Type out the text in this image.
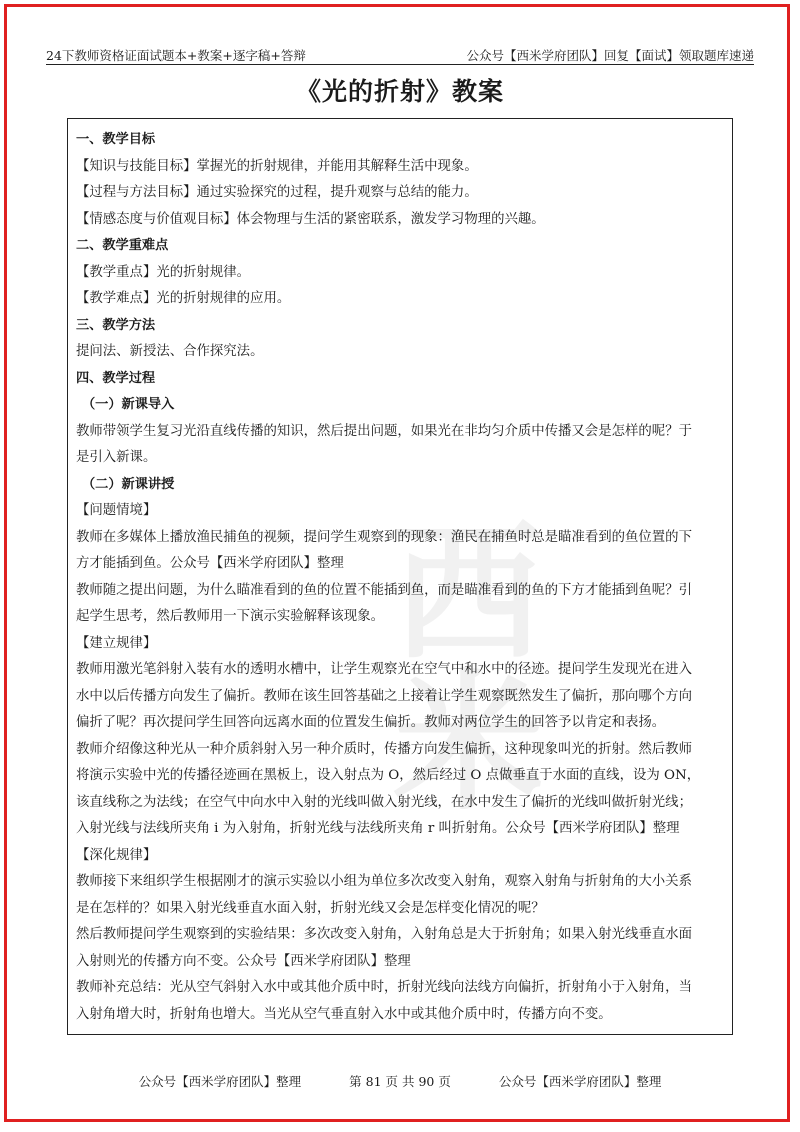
24下教师资格证面试题本+教案+逐字稿+答辩	公众号【西米学府团队】回复【面试】领取题库速递
《光的折射》教案
西米
一、教学目标
【知识与技能目标】掌握光的折射规律，并能用其解释生活中现象。
【过程与方法目标】通过实验探究的过程，提升观察与总结的能力。
【情感态度与价值观目标】体会物理与生活的紧密联系，激发学习物理的兴趣。
二、教学重难点
【教学重点】光的折射规律。
【教学难点】光的折射规律的应用。
三、教学方法
提问法、新授法、合作探究法。
四、教学过程
（一）新课导入
教师带领学生复习光沿直线传播的知识，然后提出问题，如果光在非均匀介质中传播又会是怎样的呢？于
是引入新课。
（二）新课讲授
【问题情境】
教师在多媒体上播放渔民捕鱼的视频，提问学生观察到的现象：渔民在捕鱼时总是瞄准看到的鱼位置的下
方才能插到鱼。公众号【西米学府团队】整理
教师随之提出问题，为什么瞄准看到的鱼的位置不能插到鱼，而是瞄准看到的鱼的下方才能插到鱼呢？引
起学生思考，然后教师用一下演示实验解释该现象。
【建立规律】
教师用激光笔斜射入装有水的透明水槽中，让学生观察光在空气中和水中的径迹。提问学生发现光在进入
水中以后传播方向发生了偏折。教师在该生回答基础之上接着让学生观察既然发生了偏折，那向哪个方向
偏折了呢？再次提问学生回答向远离水面的位置发生偏折。教师对两位学生的回答予以肯定和表扬。
教师介绍像这种光从一种介质斜射入另一种介质时，传播方向发生偏折，这种现象叫光的折射。然后教师
将演示实验中光的传播径迹画在黑板上，设入射点为 O，然后经过 O 点做垂直于水面的直线，设为 ON，
该直线称之为法线；在空气中向水中入射的光线叫做入射光线，在水中发生了偏折的光线叫做折射光线；
入射光线与法线所夹角 i 为入射角，折射光线与法线所夹角 r 叫折射角。公众号【西米学府团队】整理
【深化规律】
教师接下来组织学生根据刚才的演示实验以小组为单位多次改变入射角，观察入射角与折射角的大小关系
是在怎样的？如果入射光线垂直水面入射，折射光线又会是怎样变化情况的呢？
然后教师提问学生观察到的实验结果：多次改变入射角，入射角总是大于折射角；如果入射光线垂直水面
入射则光的传播方向不变。公众号【西米学府团队】整理
教师补充总结：光从空气斜射入水中或其他介质中时，折射光线向法线方向偏折，折射角小于入射角，当
入射角增大时，折射角也增大。当光从空气垂直射入水中或其他介质中时，传播方向不变。
公众号【西米学府团队】整理	第 81 页 共 90 页	公众号【西米学府团队】整理
